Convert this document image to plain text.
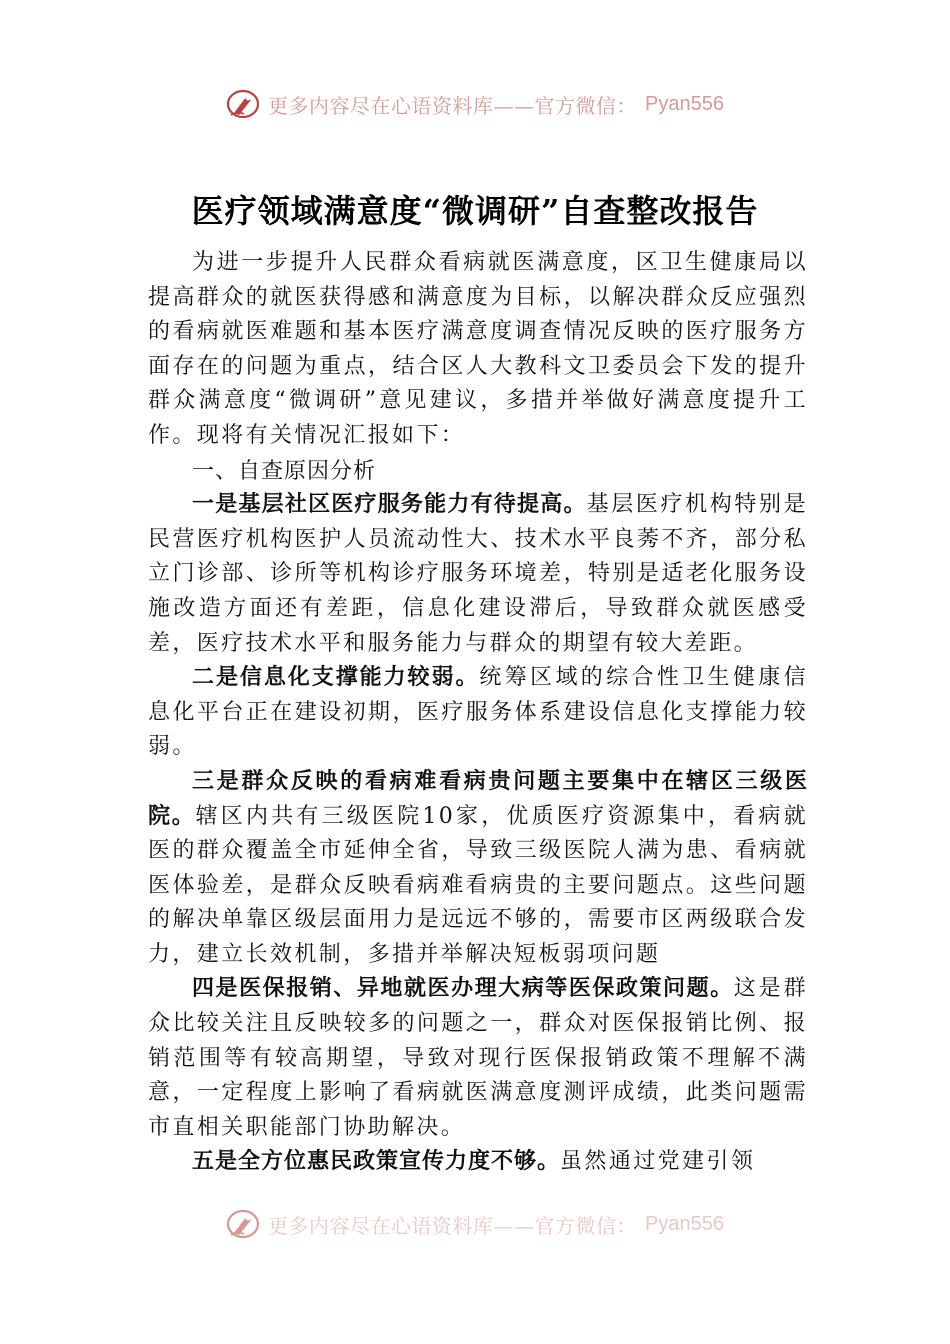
更多内容尽在心语资料库——官方微信： Pyan556
医疗领域满意度“微调研”自查整改报告

为进一步提升人民群众看病就医满意度，区卫生健康局以提高群众的就医获得感和满意度为目标，以解决群众反应强烈的看病就医难题和基本医疗满意度调查情况反映的医疗服务方面存在的问题为重点，结合区人大教科文卫委员会下发的提升群众满意度“微调研”意见建议，多措并举做好满意度提升工作。现将有关情况汇报如下：

一、自查原因分析

一是基层社区医疗服务能力有待提高。基层医疗机构特别是民营医疗机构医护人员流动性大、技术水平良莠不齐，部分私立门诊部、诊所等机构诊疗服务环境差，特别是适老化服务设施改造方面还有差距，信息化建设滞后，导致群众就医感受差，医疗技术水平和服务能力与群众的期望有较大差距。

二是信息化支撑能力较弱。统筹区域的综合性卫生健康信息化平台正在建设初期，医疗服务体系建设信息化支撑能力较弱。

三是群众反映的看病难看病贵问题主要集中在辖区三级医院。辖区内共有三级医院10家，优质医疗资源集中，看病就医的群众覆盖全市延伸全省，导致三级医院人满为患、看病就医体验差，是群众反映看病难看病贵的主要问题点。这些问题的解决单靠区级层面用力是远远不够的，需要市区两级联合发力，建立长效机制，多措并举解决短板弱项问题

四是医保报销、异地就医办理大病等医保政策问题。这是群众比较关注且反映较多的问题之一，群众对医保报销比例、报销范围等有较高期望，导致对现行医保报销政策不理解不满意，一定程度上影响了看病就医满意度测评成绩，此类问题需市直相关职能部门协助解决。

五是全方位惠民政策宣传力度不够。虽然通过党建引领

更多内容尽在心语资料库——官方微信： Pyan556
